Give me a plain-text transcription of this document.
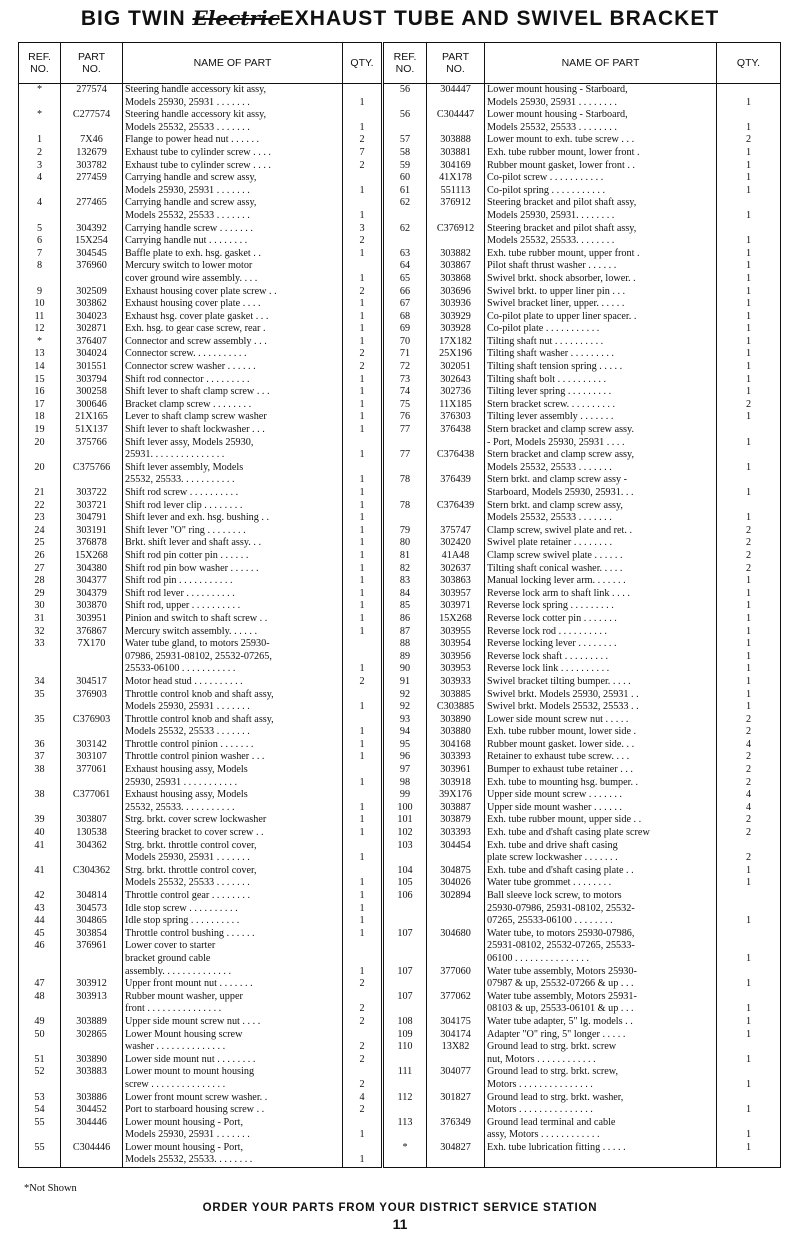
BIG TWIN ElectricEXHAUST TUBE AND SWIVEL BRACKET
REF.
NO.	PART
NO.	NAME OF PART	QTY.	REF.
NO.	PART
NO.	NAME OF PART	QTY.
*	277574	Steering handle accessory kit assy,		56	304447	Lower mount housing - Starboard,	
		Models 25930, 25931 . . . . . . .	1			Models 25930, 25931 . . . . . . . .	1
*	C277574	Steering handle accessory kit assy,		56	C304447	Lower mount housing - Starboard,	
		Models 25532, 25533 . . . . . . .	1			Models 25532, 25533 . . . . . . . .	1
1	7X46	Flange to power head nut . . . . . .	2	57	303888	Lower mount to exh. tube screw . . .	2
2	132679	Exhaust tube to cylinder screw . . . .	7	58	303881	Exh. tube rubber mount, lower front .	1
3	303782	Exhaust tube to cylinder screw . . . .	2	59	304169	Rubber mount gasket, lower front . .	1
4	277459	Carrying handle and screw assy,		60	41X178	Co-pilot screw . . . . . . . . . . .	1
		Models 25930, 25931 . . . . . . .	1	61	551113	Co-pilot spring . . . . . . . . . . .	1
4	277465	Carrying handle and screw assy,		62	376912	Steering bracket and pilot shaft assy,	
		Models 25532, 25533 . . . . . . .	1			Models 25930, 25931. . . . . . . .	1
5	304392	Carrying handle screw . . . . . . .	3	62	C376912	Steering bracket and pilot shaft assy,	
6	15X254	Carrying handle nut . . . . . . . .	2			Models 25532, 25533. . . . . . . .	1
7	304545	Baffle plate to exh. hsg. gasket . .	1	63	303882	Exh. tube rubber mount, upper front .	1
8	376960	Mercury switch to lower motor		64	303867	Pilot shaft thrust washer . . . . . .	1
		cover ground wire assembly. . . .	1	65	303868	Swivel brkt. shock absorber, lower. .	1
9	302509	Exhaust housing cover plate screw . .	2	66	303696	Swivel brkt. to upper liner pin . . .	1
10	303862	Exhaust housing cover plate . . . .	1	67	303936	Swivel bracket liner, upper. . . . . .	1
11	304023	Exhaust hsg. cover plate gasket . . .	1	68	303929	Co-pilot plate to upper liner spacer. .	1
12	302871	Exh. hsg. to gear case screw, rear .	1	69	303928	Co-pilot plate . . . . . . . . . . .	1
*	376407	Connector and screw assembly . . .	1	70	17X182	Tilting shaft nut . . . . . . . . . .	1
13	304024	Connector screw. . . . . . . . . . .	2	71	25X196	Tilting shaft washer . . . . . . . . .	1
14	301551	Connector screw washer . . . . . .	2	72	302051	Tilting shaft tension spring . . . . .	1
15	303794	Shift rod connector . . . . . . . . .	1	73	302643	Tilting shaft bolt . . . . . . . . . .	1
16	300258	Shift lever to shaft clamp screw . . .	1	74	302736	Tilting lever spring . . . . . . . . .	1
17	300646	Bracket clamp screw . . . . . . . .	1	75	11X185	Stern bracket screw. . . . . . . . . .	2
18	21X165	Lever to shaft clamp screw washer	1	76	376303	Tilting lever assembly . . . . . . .	1
19	51X137	Shift lever to shaft lockwasher . . .	1	77	376438	Stern bracket and clamp screw assy.	
20	375766	Shift lever assy, Models 25930,				- Port, Models 25930, 25931 . . . .	1
		25931. . . . . . . . . . . . . . .	1	77	C376438	Stern bracket and clamp screw assy,	
20	C375766	Shift lever assembly, Models				Models 25532, 25533 . . . . . . .	1
		25532, 25533. . . . . . . . . . .	1	78	376439	Stern brkt. and clamp screw assy -	
21	303722	Shift rod screw . . . . . . . . . .	1			Starboard, Models 25930, 25931. . .	1
22	303721	Shift rod lever clip . . . . . . . .	1	78	C376439	Stern brkt. and clamp screw assy,	
23	304791	Shift lever and exh. hsg. bushing . .	1			Models 25532, 25533 . . . . . . .	1
24	303191	Shift lever "O" ring . . . . . . . .	1	79	375747	Clamp screw, swivel plate and ret. .	2
25	376878	Brkt. shift lever and shaft assy. . .	1	80	302420	Swivel plate retainer . . . . . . . .	2
26	15X268	Shift rod pin cotter pin . . . . . .	1	81	41A48	Clamp screw swivel plate . . . . . .	2
27	304380	Shift rod pin bow washer . . . . . .	1	82	302637	Tilting shaft conical washer. . . . .	2
28	304377	Shift rod pin . . . . . . . . . . .	1	83	303863	Manual locking lever arm. . . . . . .	1
29	304379	Shift rod lever . . . . . . . . . .	1	84	303957	Reverse lock arm to shaft link . . . .	1
30	303870	Shift rod, upper . . . . . . . . . .	1	85	303971	Reverse lock spring . . . . . . . . .	1
31	303951	Pinion and switch to shaft screw . .	1	86	15X268	Reverse lock cotter pin . . . . . . .	1
32	376867	Mercury switch assembly. . . . . .	1	87	303955	Reverse lock rod . . . . . . . . . .	1
33	7X170	Water tube gland, to motors 25930-		88	303954	Reverse locking lever . . . . . . . .	1
		07986, 25931-08102, 25532-07265,		89	303956	Reverse lock shaft . . . . . . . . .	1
		25533-06100 . . . . . . . . . . .	1	90	303953	Reverse lock link . . . . . . . . . .	1
34	304517	Motor head stud . . . . . . . . . .	2	91	303933	Swivel bracket tilting bumper. . . . .	1
35	376903	Throttle control knob and shaft assy,		92	303885	Swivel brkt. Models 25930, 25931 . .	1
		Models 25930, 25931 . . . . . . .	1	92	C303885	Swivel brkt. Models 25532, 25533 . .	1
35	C376903	Throttle control knob and shaft assy,		93	303890	Lower side mount screw nut . . . . .	2
		Models 25532, 25533 . . . . . . .	1	94	303880	Exh. tube rubber mount, lower side .	2
36	303142	Throttle control pinion . . . . . . .	1	95	304168	Rubber mount gasket. lower side. . .	4
37	303107	Throttle control pinion washer . . .	1	96	303393	Retainer to exhaust tube screw. . . .	2
38	377061	Exhaust housing assy, Models		97	303961	Bumper to exhaust tube retainer . . .	2
		25930, 25931 . . . . . . . . . . .	1	98	303918	Exh. tube to mounting hsg. bumper. .	2
38	C377061	Exhaust housing assy, Models		99	39X176	Upper side mount screw . . . . . . .	4
		25532, 25533. . . . . . . . . . .	1	100	303887	Upper side mount washer . . . . . .	4
39	303807	Strg. brkt. cover screw lockwasher	1	101	303879	Exh. tube rubber mount, upper side . .	2
40	130538	Steering bracket to cover screw . .	1	102	303393	Exh. tube and d'shaft casing plate screw	2
41	304362	Strg. brkt. throttle control cover,		103	304454	Exh. tube and drive shaft casing	
		Models 25930, 25931 . . . . . . .	1			plate screw lockwasher . . . . . . .	2
41	C304362	Strg. brkt. throttle control cover,		104	304875	Exh. tube and d'shaft casing plate . .	1
		Models 25532, 25533 . . . . . . .	1	105	304026	Water tube grommet . . . . . . . .	1
42	304814	Throttle control gear . . . . . . . .	1	106	302894	Ball sleeve lock screw, to motors	
43	304573	Idle stop screw . . . . . . . . . .	1			25930-07986, 25931-08102, 25532-	
44	304865	Idle stop spring . . . . . . . . . .	1			07265, 25533-06100 . . . . . . . .	1
45	303854	Throttle control bushing . . . . . .	1	107	304680	Water tube, to motors 25930-07986,	
46	376961	Lower cover to starter				25931-08102, 25532-07265, 25533-	
		bracket ground cable				06100 . . . . . . . . . . . . . . .	1
		assembly. . . . . . . . . . . . . .	1	107	377060	Water tube assembly, Motors 25930-	
47	303912	Upper front mount nut . . . . . . .	2			07987 & up, 25532-07266 & up . . .	1
48	303913	Rubber mount washer, upper		107	377062	Water tube assembly, Motors 25931-	
		front . . . . . . . . . . . . . . .	2			08103 & up, 25533-06101 & up . . .	1
49	303889	Upper side mount screw nut . . . .	2	108	304175	Water tube adapter, 5" lg. models . .	1
50	302865	Lower Mount housing screw		109	304174	Adapter "O" ring, 5" longer . . . . .	1
		washer . . . . . . . . . . . . . .	2	110	13X82	Ground lead to strg. brkt. screw	
51	303890	Lower side mount nut . . . . . . . .	2			nut, Motors . . . . . . . . . . . .	1
52	303883	Lower mount to mount housing		111	304077	Ground lead to strg. brkt. screw,	
		screw . . . . . . . . . . . . . . .	2			Motors . . . . . . . . . . . . . . .	1
53	303886	Lower front mount screw washer. .	4	112	301827	Ground lead to strg. brkt. washer,	
54	304452	Port to starboard housing screw . .	2			Motors . . . . . . . . . . . . . . .	1
55	304446	Lower mount housing - Port,		113	376349	Ground lead terminal and cable	
		Models 25930, 25931 . . . . . . .	1			assy, Motors . . . . . . . . . . . .	1
55	C304446	Lower mount housing - Port,		*	304827	Exh. tube lubrication fitting . . . . .	1
		Models 25532, 25533. . . . . . . .	1				
*Not Shown
ORDER YOUR PARTS FROM YOUR DISTRICT SERVICE STATION
11
